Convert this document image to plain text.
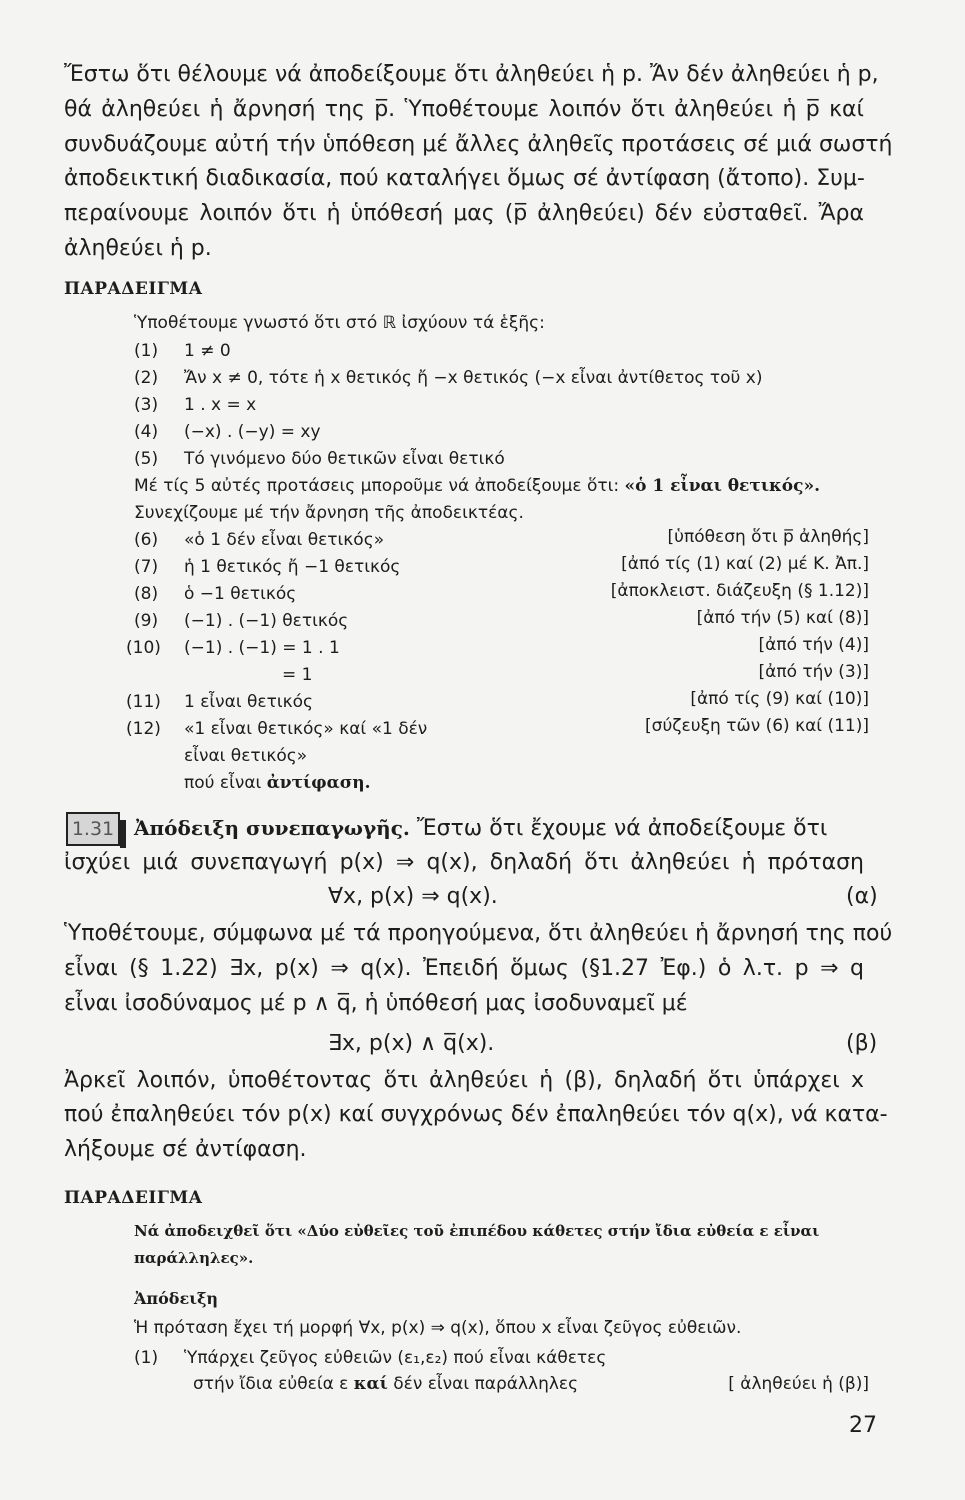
Ἔστω ὅτι θέλουμε νά ἀποδείξουμε ὅτι ἀληθεύει ἡ p. Ἄν δέν ἀληθεύει ἡ p,
θά ἀληθεύει ἡ ἄρνησή της p̅. Ὑποθέτουμε λοιπόν ὅτι ἀληθεύει ἡ p̅ καί
συνδυάζουμε αὐτή τήν ὑπόθεση μέ ἄλλες ἀληθεῖς προτάσεις σέ μιά σωστή
ἀποδεικτική διαδικασία, πού καταλήγει ὅμως σέ ἀντίφαση (ἄτοπο). Συμ-
περαίνουμε λοιπόν ὅτι ἡ ὑπόθεσή μας (p̅ ἀληθεύει) δέν εὐσταθεῖ. Ἄρα
ἀληθεύει ἡ p.
ΠΑΡΑΔΕΙΓΜΑ
Ὑποθέτουμε γνωστό ὅτι στό ℝ ἰσχύουν τά ἑξῆς:
(1) 1 ≠ 0
(2) Ἄν x ≠ 0, τότε ἡ x θετικός ἤ −x θετικός (−x εἶναι ἀντίθετος τοῦ x)
(3) 1 . x = x
(4) (−x) . (−y) = xy
(5) Τό γινόμενο δύο θετικῶν εἶναι θετικό
Μέ τίς 5 αὐτές προτάσεις μποροῦμε νά ἀποδείξουμε ὅτι: «ὁ 1 εἶναι θετικός».
Συνεχίζουμε μέ τήν ἄρνηση τῆς ἀποδεικτέας.
(6) «ὁ 1 δέν εἶναι θετικός»	[ὑπόθεση ὅτι p̅ ἀληθής]
(7) ἡ 1 θετικός ἤ −1 θετικός	[ἀπό τίς (1) καί (2) μέ Κ. Ἀπ.]
(8) ὁ −1 θετικός	[ἀποκλειστ. διάζευξη (§ 1.12)]
(9) (−1) . (−1) θετικός	[ἀπό τήν (5) καί (8)]
(10) (−1) . (−1) = 1 . 1	[ἀπό τήν (4)]
= 1	[ἀπό τήν (3)]
(11) 1 εἶναι θετικός	[ἀπό τίς (9) καί (10)]
(12) «1 εἶναι θετικός» καί «1 δέν	[σύζευξη τῶν (6) καί (11)]
εἶναι θετικός»
πού εἶναι ἀντίφαση.
1.31 Ἀπόδειξη συνεπαγωγῆς. Ἔστω ὅτι ἔχουμε νά ἀποδείξουμε ὅτι
ἰσχύει μιά συνεπαγωγή p(x) ⇒ q(x), δηλαδή ὅτι ἀληθεύει ἡ πρόταση
∀x, p(x) ⇒ q(x).	(α)
Ὑποθέτουμε, σύμφωνα μέ τά προηγούμενα, ὅτι ἀληθεύει ἡ ἄρνησή της πού
εἶναι (§ 1.22) ∃x, p(x) ⇒ q(x). Ἐπειδή ὅμως (§1.27 Ἐφ.) ὁ λ.τ. p ⇒ q
εἶναι ἰσοδύναμος μέ p ∧ q̅, ἡ ὑπόθεσή μας ἰσοδυναμεῖ μέ
∃x, p(x) ∧ q̅(x).	(β)
Ἀρκεῖ λοιπόν, ὑποθέτοντας ὅτι ἀληθεύει ἡ (β), δηλαδή ὅτι ὑπάρχει x
πού ἐπαληθεύει τόν p(x) καί συγχρόνως δέν ἐπαληθεύει τόν q(x), νά κατα-
λήξουμε σέ ἀντίφαση.
ΠΑΡΑΔΕΙΓΜΑ
Νά ἀποδειχθεῖ ὅτι «Δύο εὐθεῖες τοῦ ἐπιπέδου κάθετες στήν ἴδια εὐθεία ε εἶναι
παράλληλες».
Ἀπόδειξη
Ἡ πρόταση ἔχει τή μορφή ∀x, p(x) ⇒ q(x), ὅπου x εἶναι ζεῦγος εὐθειῶν.
(1) Ὑπάρχει ζεῦγος εὐθειῶν (ε₁,ε₂) πού εἶναι κάθετες
στήν ἴδια εὐθεία ε καί δέν εἶναι παράλληλες	[ ἀληθεύει ἡ (β)]
27
